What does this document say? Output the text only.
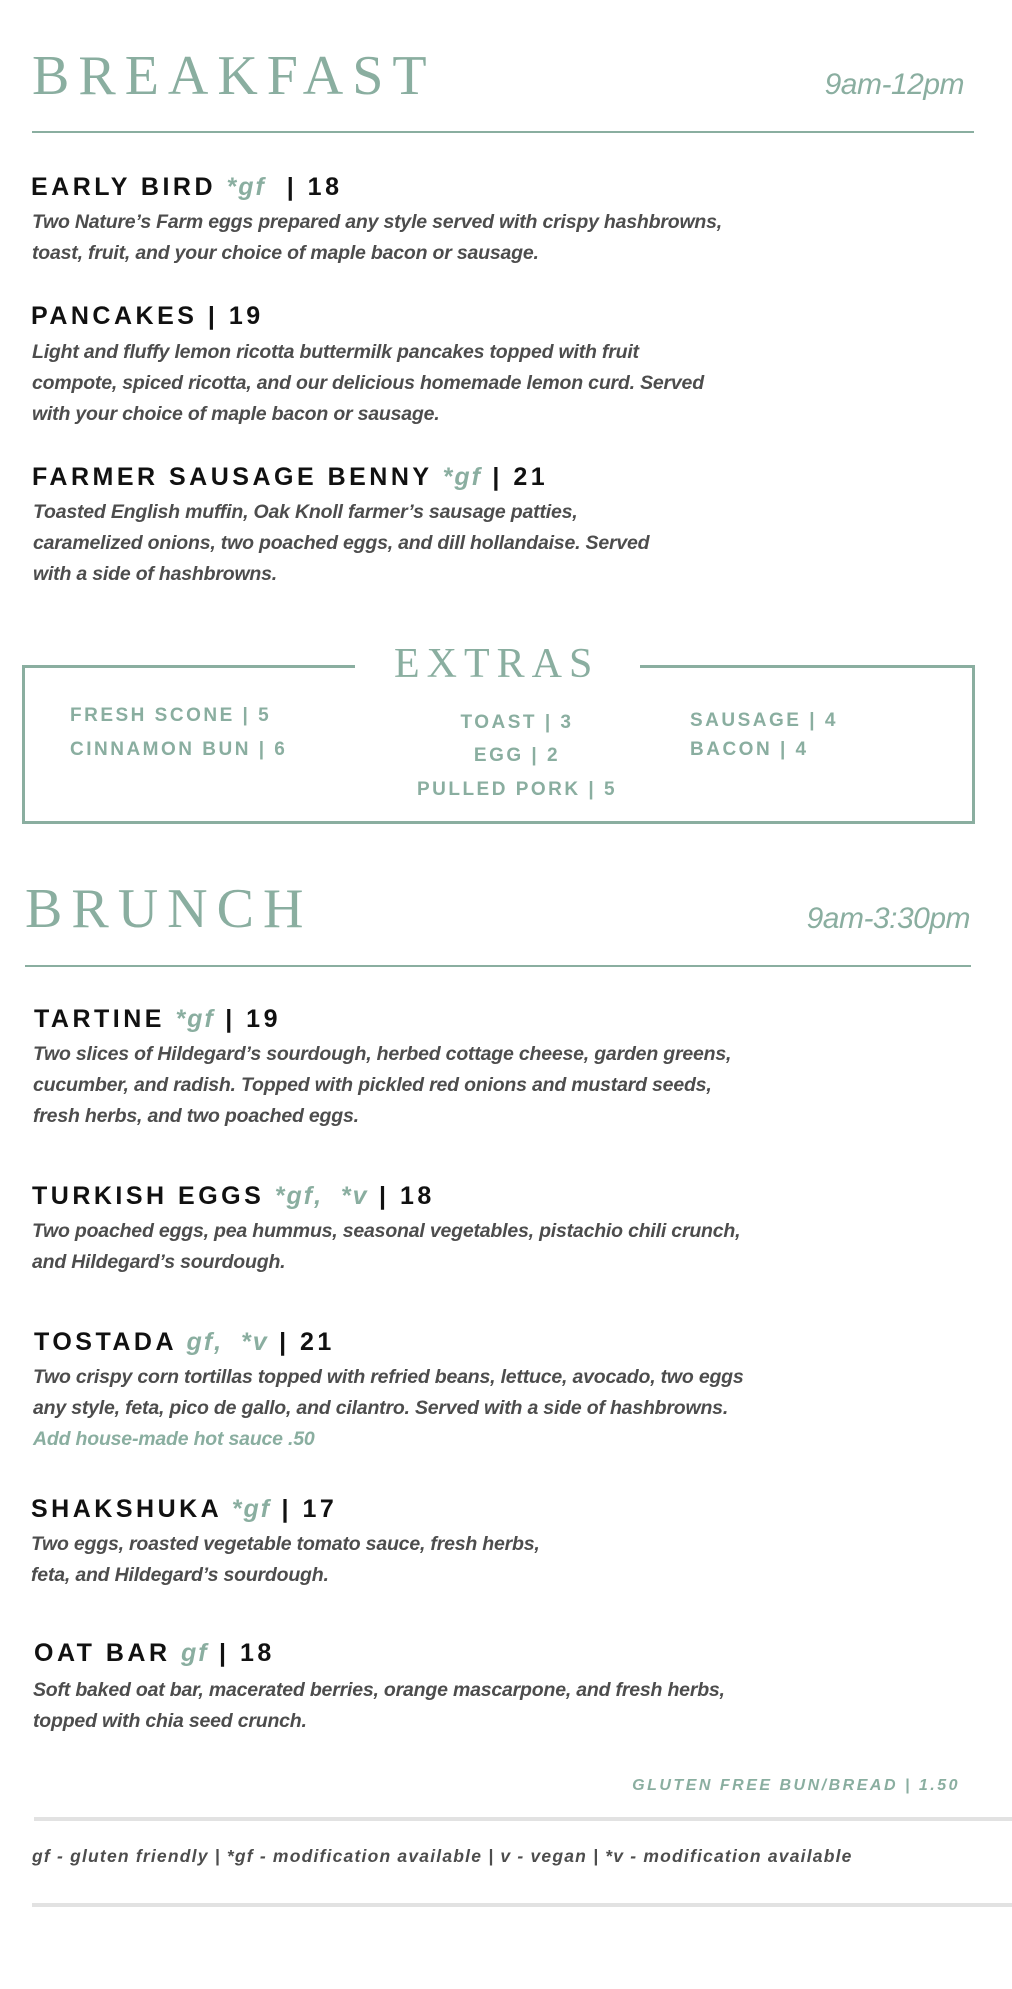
BREAKFAST	9am-12pm
EARLY BIRD *gf | 18
Two Nature’s Farm eggs prepared any style served with crispy hashbrowns,
toast, fruit, and your choice of maple bacon or sausage.
PANCAKES | 19
Light and fluffy lemon ricotta buttermilk pancakes topped with fruit
compote, spiced ricotta, and our delicious homemade lemon curd. Served
with your choice of maple bacon or sausage.
FARMER SAUSAGE BENNY *gf | 21
Toasted English muffin, Oak Knoll farmer’s sausage patties,
caramelized onions, two poached eggs, and dill hollandaise. Served
with a side of hashbrowns.
EXTRAS
FRESH SCONE | 5
CINNAMON BUN | 6
TOAST | 3
EGG | 2
PULLED PORK | 5
SAUSAGE | 4
BACON | 4
BRUNCH	9am-3:30pm
TARTINE *gf | 19
Two slices of Hildegard’s sourdough, herbed cottage cheese, garden greens,
cucumber, and radish. Topped with pickled red onions and mustard seeds,
fresh herbs, and two poached eggs.
TURKISH EGGS *gf,  *v | 18
Two poached eggs, pea hummus, seasonal vegetables, pistachio chili crunch,
and Hildegard’s sourdough.
TOSTADA gf,  *v | 21
Two crispy corn tortillas topped with refried beans, lettuce, avocado, two eggs
any style, feta, pico de gallo, and cilantro. Served with a side of hashbrowns.
Add house-made hot sauce .50
SHAKSHUKA *gf | 17
Two eggs, roasted vegetable tomato sauce, fresh herbs,
feta, and Hildegard’s sourdough.
OAT BAR gf | 18
Soft baked oat bar, macerated berries, orange mascarpone, and fresh herbs,
topped with chia seed crunch.
GLUTEN FREE BUN/BREAD | 1.50
gf - gluten friendly | *gf - modification available | v - vegan | *v - modification available
